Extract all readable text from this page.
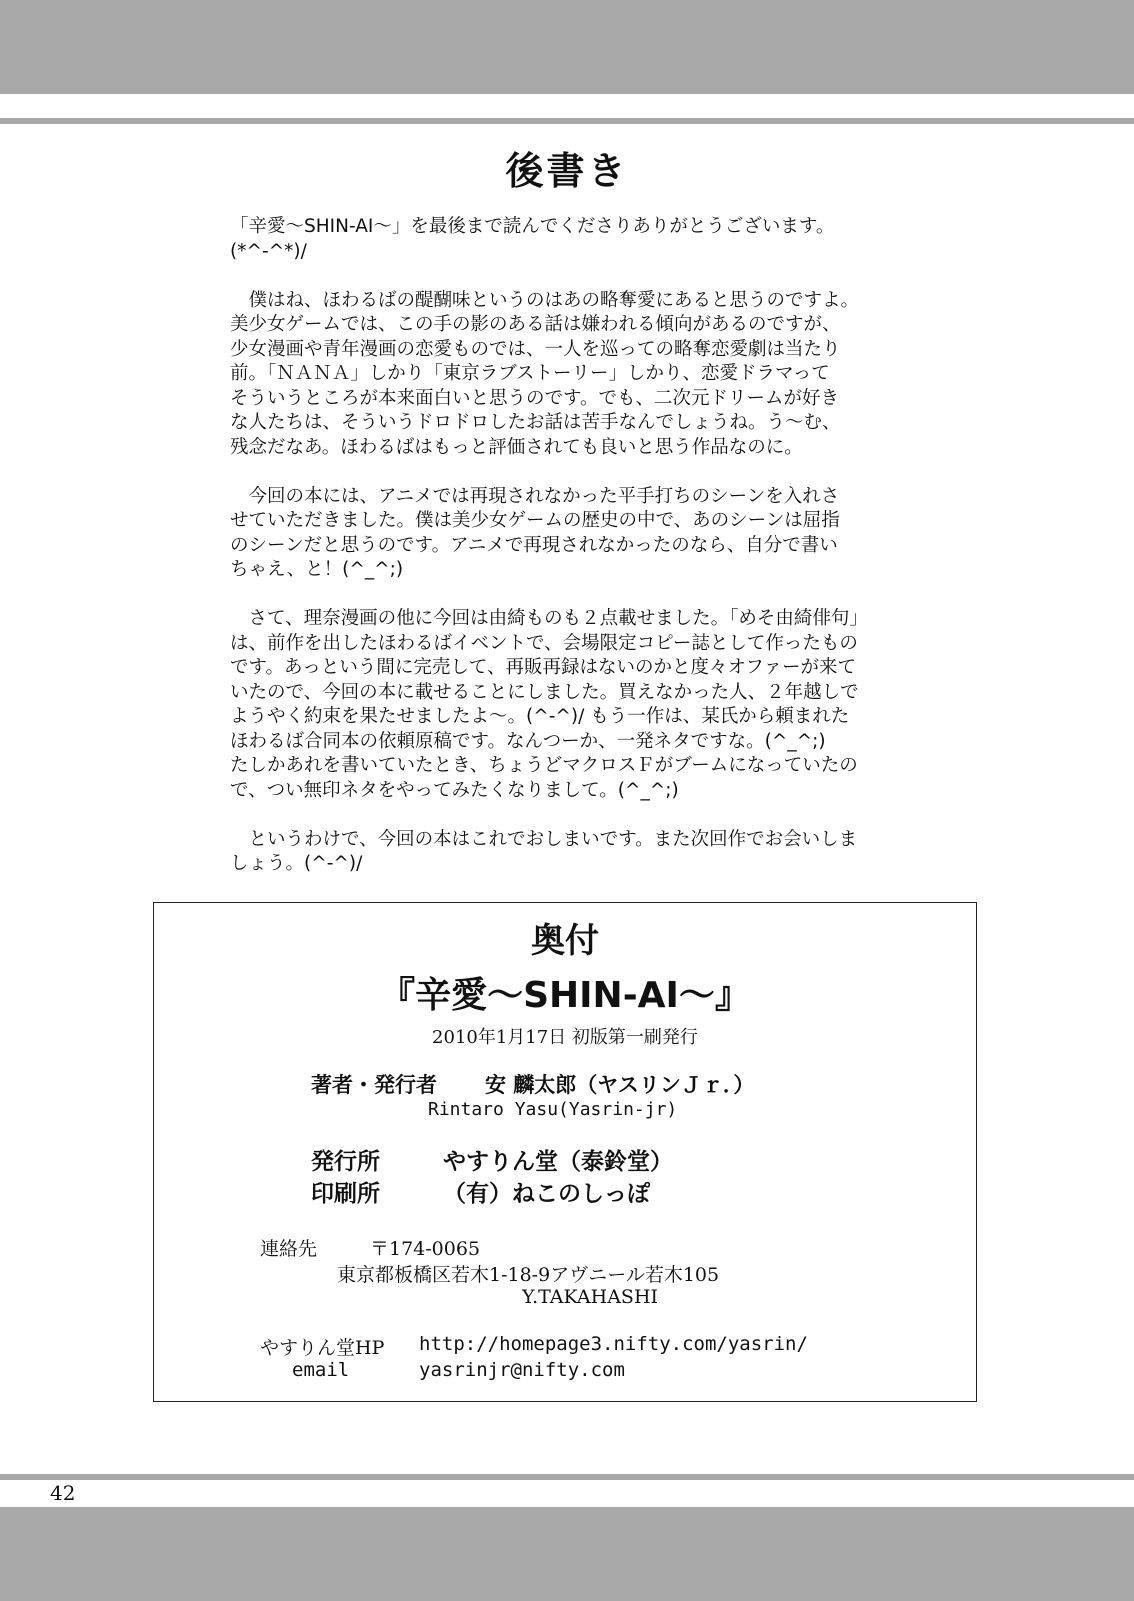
後書き
「辛愛～SHIN-AI～」を最後まで読んでくださりありがとうございます。
(*^-^*)/
　僕はね、ほわるばの醍醐味というのはあの略奪愛にあると思うのですよ。
美少女ゲームでは、この手の影のある話は嫌われる傾向があるのですが、
少女漫画や青年漫画の恋愛ものでは、一人を巡っての略奪恋愛劇は当たり
前。「ＮＡＮＡ」しかり「東京ラブストーリー」しかり、恋愛ドラマって
そういうところが本来面白いと思うのです。でも、二次元ドリームが好き
な人たちは、そういうドロドロしたお話は苦手なんでしょうね。う～む、
残念だなあ。ほわるばはもっと評価されても良いと思う作品なのに。
　今回の本には、アニメでは再現されなかった平手打ちのシーンを入れさ
せていただきました。僕は美少女ゲームの歴史の中で、あのシーンは屈指
のシーンだと思うのです。アニメで再現されなかったのなら、自分で書い
ちゃえ、と！(^_^;)
　さて、理奈漫画の他に今回は由綺ものも２点載せました。「めそ由綺俳句」
は、前作を出したほわるばイベントで、会場限定コピー誌として作ったもの
です。あっという間に完売して、再販再録はないのかと度々オファーが来て
いたので、今回の本に載せることにしました。買えなかった人、２年越しで
ようやく約束を果たせましたよ～。(^-^)/ もう一作は、某氏から頼まれた
ほわるば合同本の依頼原稿です。なんつーか、一発ネタですな。(^_^;)
たしかあれを書いていたとき、ちょうどマクロスＦがブームになっていたの
で、つい無印ネタをやってみたくなりまして。(^_^;)
　というわけで、今回の本はこれでおしまいです。また次回作でお会いしま
しょう。(^-^)/
奥付
『辛愛～SHIN-AI～』
2010年1月17日 初版第一刷発行
著者・発行者 安 麟太郎（ヤスリンＪｒ．）
Rintaro Yasu(Yasrin-jr)
発行所	やすりん堂（泰鈴堂）
印刷所	（有）ねこのしっぽ
連絡先	〒174-0065
東京都板橋区若木1-18-9アヴニール若木105
Y.TAKAHASHI
やすりん堂HP http://homepage3.nifty.com/yasrin/
email	yasrinjr@nifty.com
42
